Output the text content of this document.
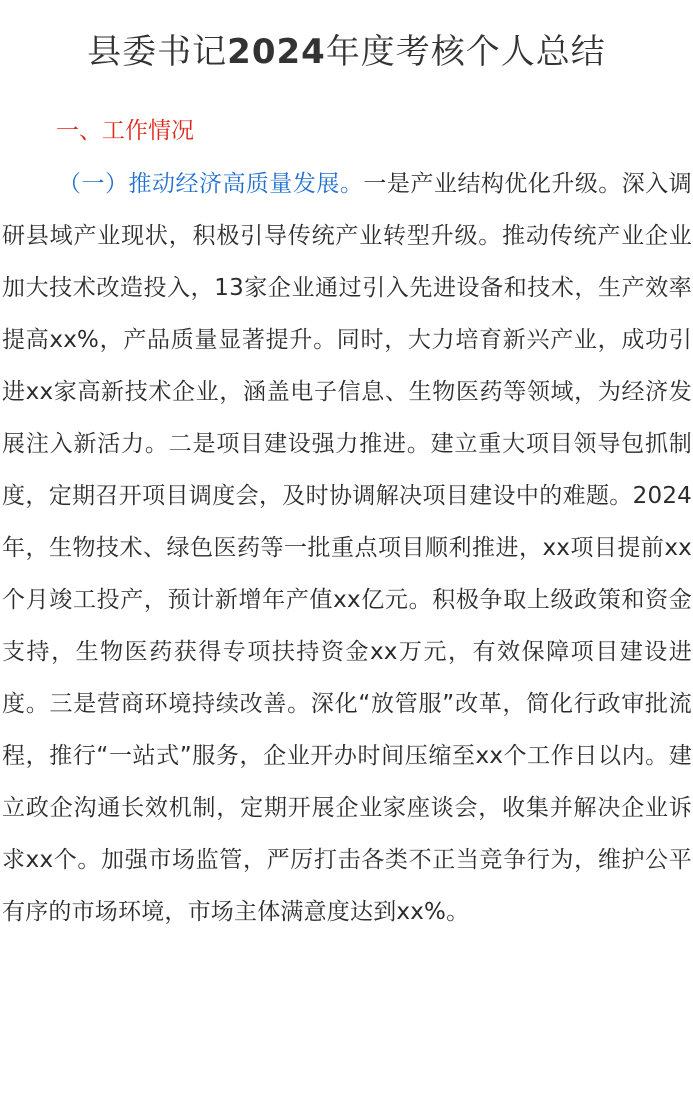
县委书记2024年度考核个人总结
一、工作情况

（一）推动经济高质量发展。一是产业结构优化升级。深入调研县域产业现状，积极引导传统产业转型升级。推动传统产业企业加大技术改造投入，13家企业通过引入先进设备和技术，生产效率提高xx%，产品质量显著提升。同时，大力培育新兴产业，成功引进xx家高新技术企业，涵盖电子信息、生物医药等领域，为经济发展注入新活力。二是项目建设强力推进。建立重大项目领导包抓制度，定期召开项目调度会，及时协调解决项目建设中的难题。2024年，生物技术、绿色医药等一批重点项目顺利推进，xx项目提前xx个月竣工投产，预计新增年产值xx亿元。积极争取上级政策和资金支持，生物医药获得专项扶持资金xx万元，有效保障项目建设进度。三是营商环境持续改善。深化“放管服”改革，简化行政审批流程，推行“一站式”服务，企业开办时间压缩至xx个工作日以内。建立政企沟通长效机制，定期开展企业家座谈会，收集并解决企业诉求xx个。加强市场监管，严厉打击各类不正当竞争行为，维护公平有序的市场环境，市场主体满意度达到xx%。
